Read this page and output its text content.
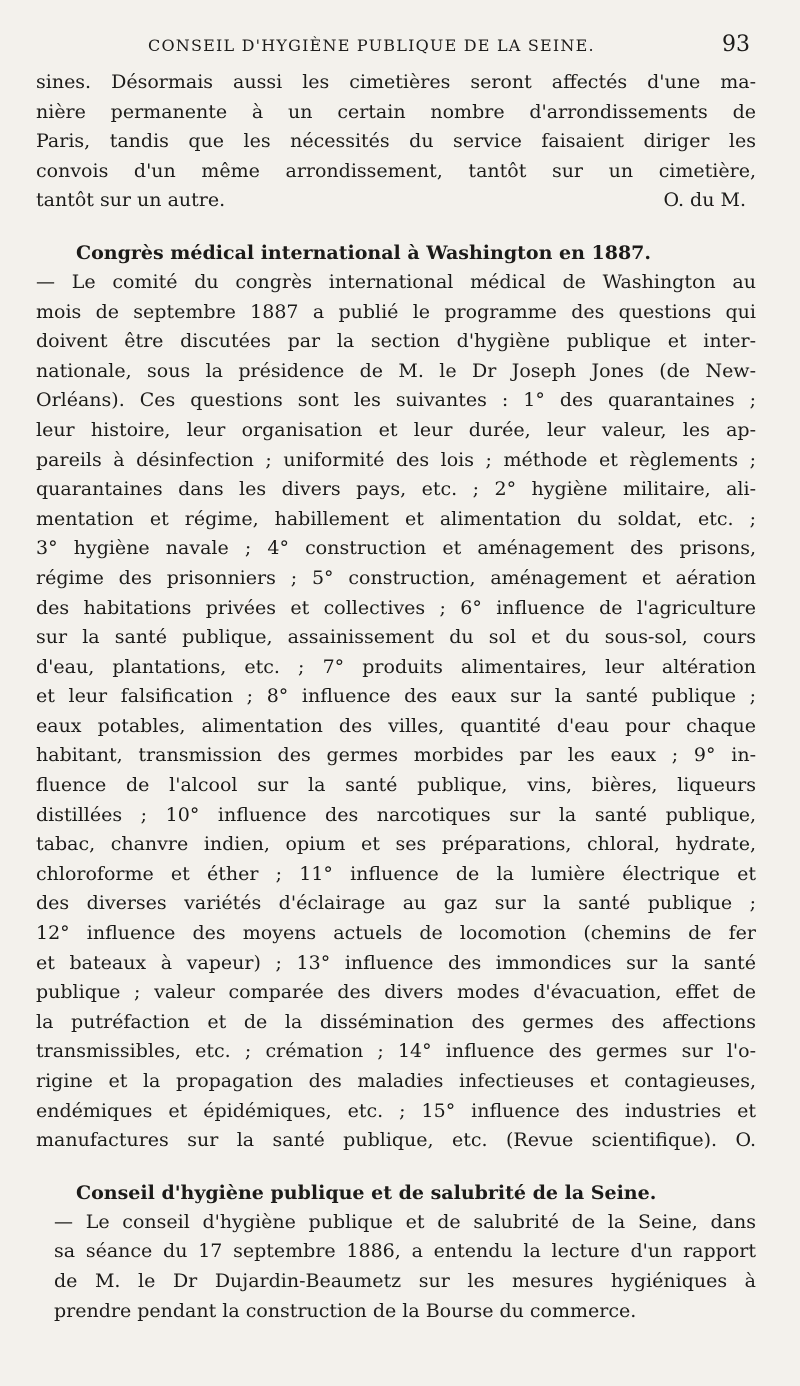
CONSEIL D'HYGIÈNE PUBLIQUE DE LA SEINE.	93
sines. Désormais aussi les cimetières seront affectés d'une ma-
nière permanente à un certain nombre d'arrondissements de
Paris, tandis que les nécessités du service faisaient diriger les
convois d'un même arrondissement, tantôt sur un cimetière,
tantôt sur un autre.	O. du M.
Congrès médical international à Washington en 1887.
— Le comité du congrès international médical de Washington au
mois de septembre 1887 a publié le programme des questions qui
doivent être discutées par la section d'hygiène publique et inter-
nationale, sous la présidence de M. le Dr Joseph Jones (de New-
Orléans). Ces questions sont les suivantes : 1° des quarantaines ;
leur histoire, leur organisation et leur durée, leur valeur, les ap-
pareils à désinfection ; uniformité des lois ; méthode et règlements ;
quarantaines dans les divers pays, etc. ; 2° hygiène militaire, ali-
mentation et régime, habillement et alimentation du soldat, etc. ;
3° hygiène navale ; 4° construction et aménagement des prisons,
régime des prisonniers ; 5° construction, aménagement et aération
des habitations privées et collectives ; 6° influence de l'agriculture
sur la santé publique, assainissement du sol et du sous-sol, cours
d'eau, plantations, etc. ; 7° produits alimentaires, leur altération
et leur falsification ; 8° influence des eaux sur la santé publique ;
eaux potables, alimentation des villes, quantité d'eau pour chaque
habitant, transmission des germes morbides par les eaux ; 9° in-
fluence de l'alcool sur la santé publique, vins, bières, liqueurs
distillées ; 10° influence des narcotiques sur la santé publique,
tabac, chanvre indien, opium et ses préparations, chloral, hydrate,
chloroforme et éther ; 11° influence de la lumière électrique et
des diverses variétés d'éclairage au gaz sur la santé publique ;
12° influence des moyens actuels de locomotion (chemins de fer
et bateaux à vapeur) ; 13° influence des immondices sur la santé
publique ; valeur comparée des divers modes d'évacuation, effet de
la putréfaction et de la dissémination des germes des affections
transmissibles, etc. ; crémation ; 14° influence des germes sur l'o-
rigine et la propagation des maladies infectieuses et contagieuses,
endémiques et épidémiques, etc. ; 15° influence des industries et
manufactures sur la santé publique, etc. (Revue scientifique). O.
Conseil d'hygiène publique et de salubrité de la Seine.
— Le conseil d'hygiène publique et de salubrité de la Seine, dans
sa séance du 17 septembre 1886, a entendu la lecture d'un rapport
de M. le Dr Dujardin-Beaumetz sur les mesures hygiéniques à
prendre pendant la construction de la Bourse du commerce.
